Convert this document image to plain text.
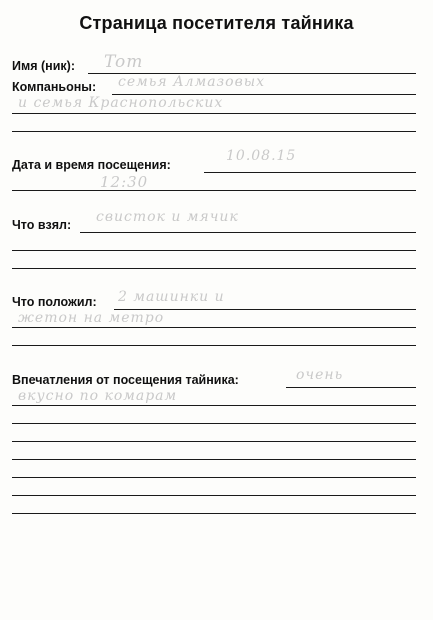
Страница посетителя тайника
Имя (ник): Tom
Компаньоны: семья Алмазовых
и семья Краснопольских
Дата и время посещения:
10.08.15
12:30
Что взял: свисток и мячик
Что положил: 2 машинки и
жетон на метро
Впечатления от посещения тайника:	очень
вкусно по комарам
